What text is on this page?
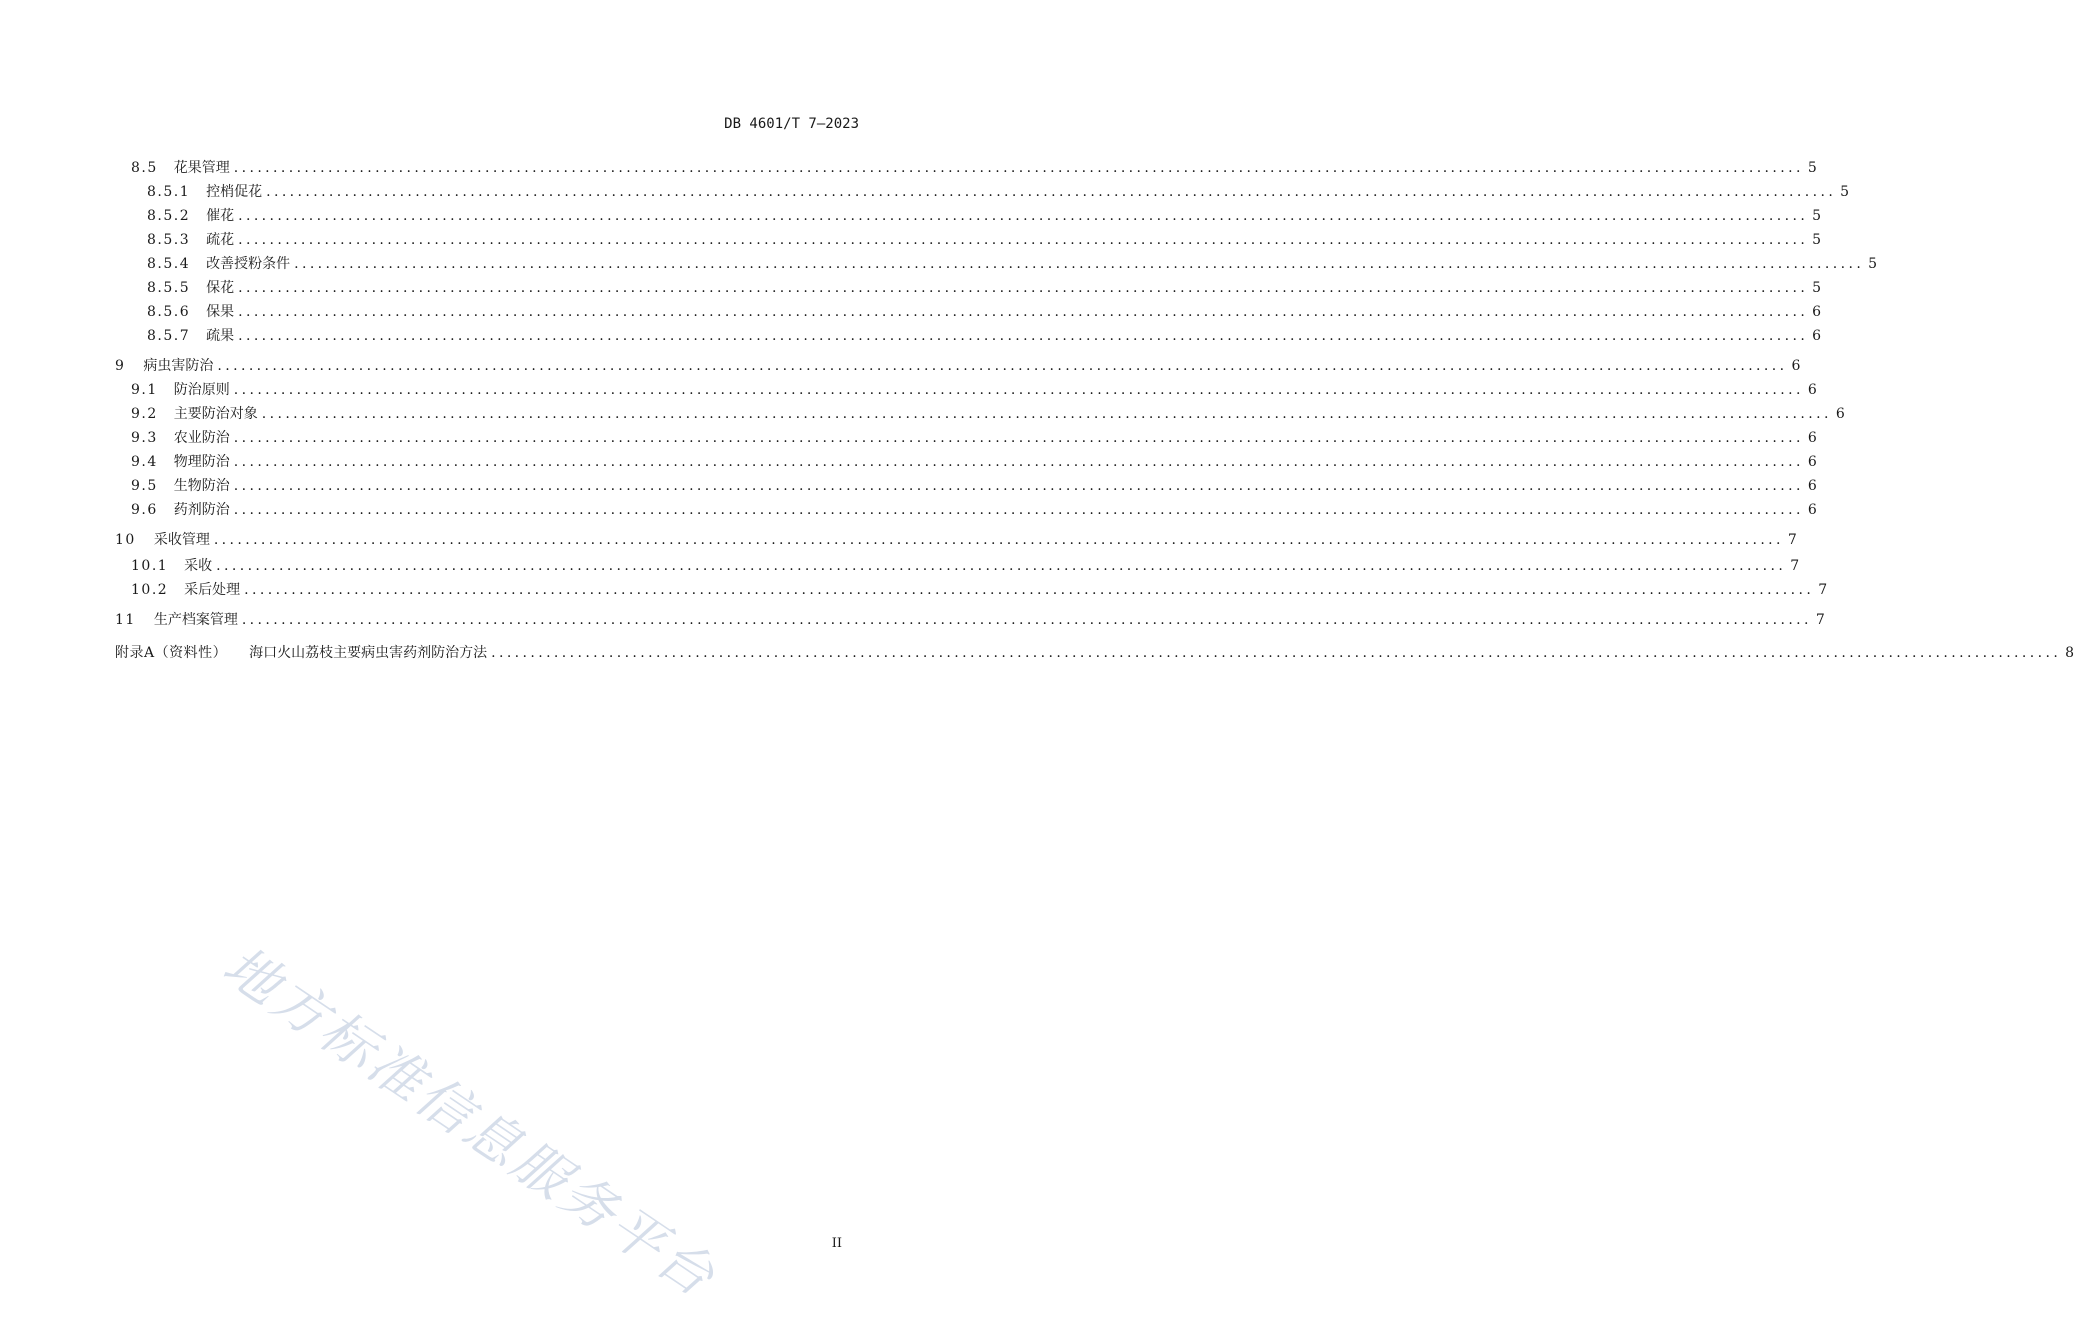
DB 4601/T 7—2023
8.5 花果管理 ........................................................................................................................................................................................................ 5
8.5.1 控梢促花 ........................................................................................................................................................................................................ 5
8.5.2 催花 ........................................................................................................................................................................................................ 5
8.5.3 疏花 ........................................................................................................................................................................................................ 5
8.5.4 改善授粉条件 ........................................................................................................................................................................................................ 5
8.5.5 保花 ........................................................................................................................................................................................................ 5
8.5.6 保果 ........................................................................................................................................................................................................ 6
8.5.7 疏果 ........................................................................................................................................................................................................ 6
9 病虫害防治 ........................................................................................................................................................................................................ 6
9.1 防治原则 ........................................................................................................................................................................................................ 6
9.2 主要防治对象 ........................................................................................................................................................................................................ 6
9.3 农业防治 ........................................................................................................................................................................................................ 6
9.4 物理防治 ........................................................................................................................................................................................................ 6
9.5 生物防治 ........................................................................................................................................................................................................ 6
9.6 药剂防治 ........................................................................................................................................................................................................ 6
10 采收管理 ........................................................................................................................................................................................................ 7
10.1 采收 ........................................................................................................................................................................................................ 7
10.2 采后处理 ........................................................................................................................................................................................................ 7
11 生产档案管理 ........................................................................................................................................................................................................ 7
附录A（资料性） 海口火山荔枝主要病虫害药剂防治方法 ........................................................................................................................................................................................................ 8
地方标准信息服务平台	II
